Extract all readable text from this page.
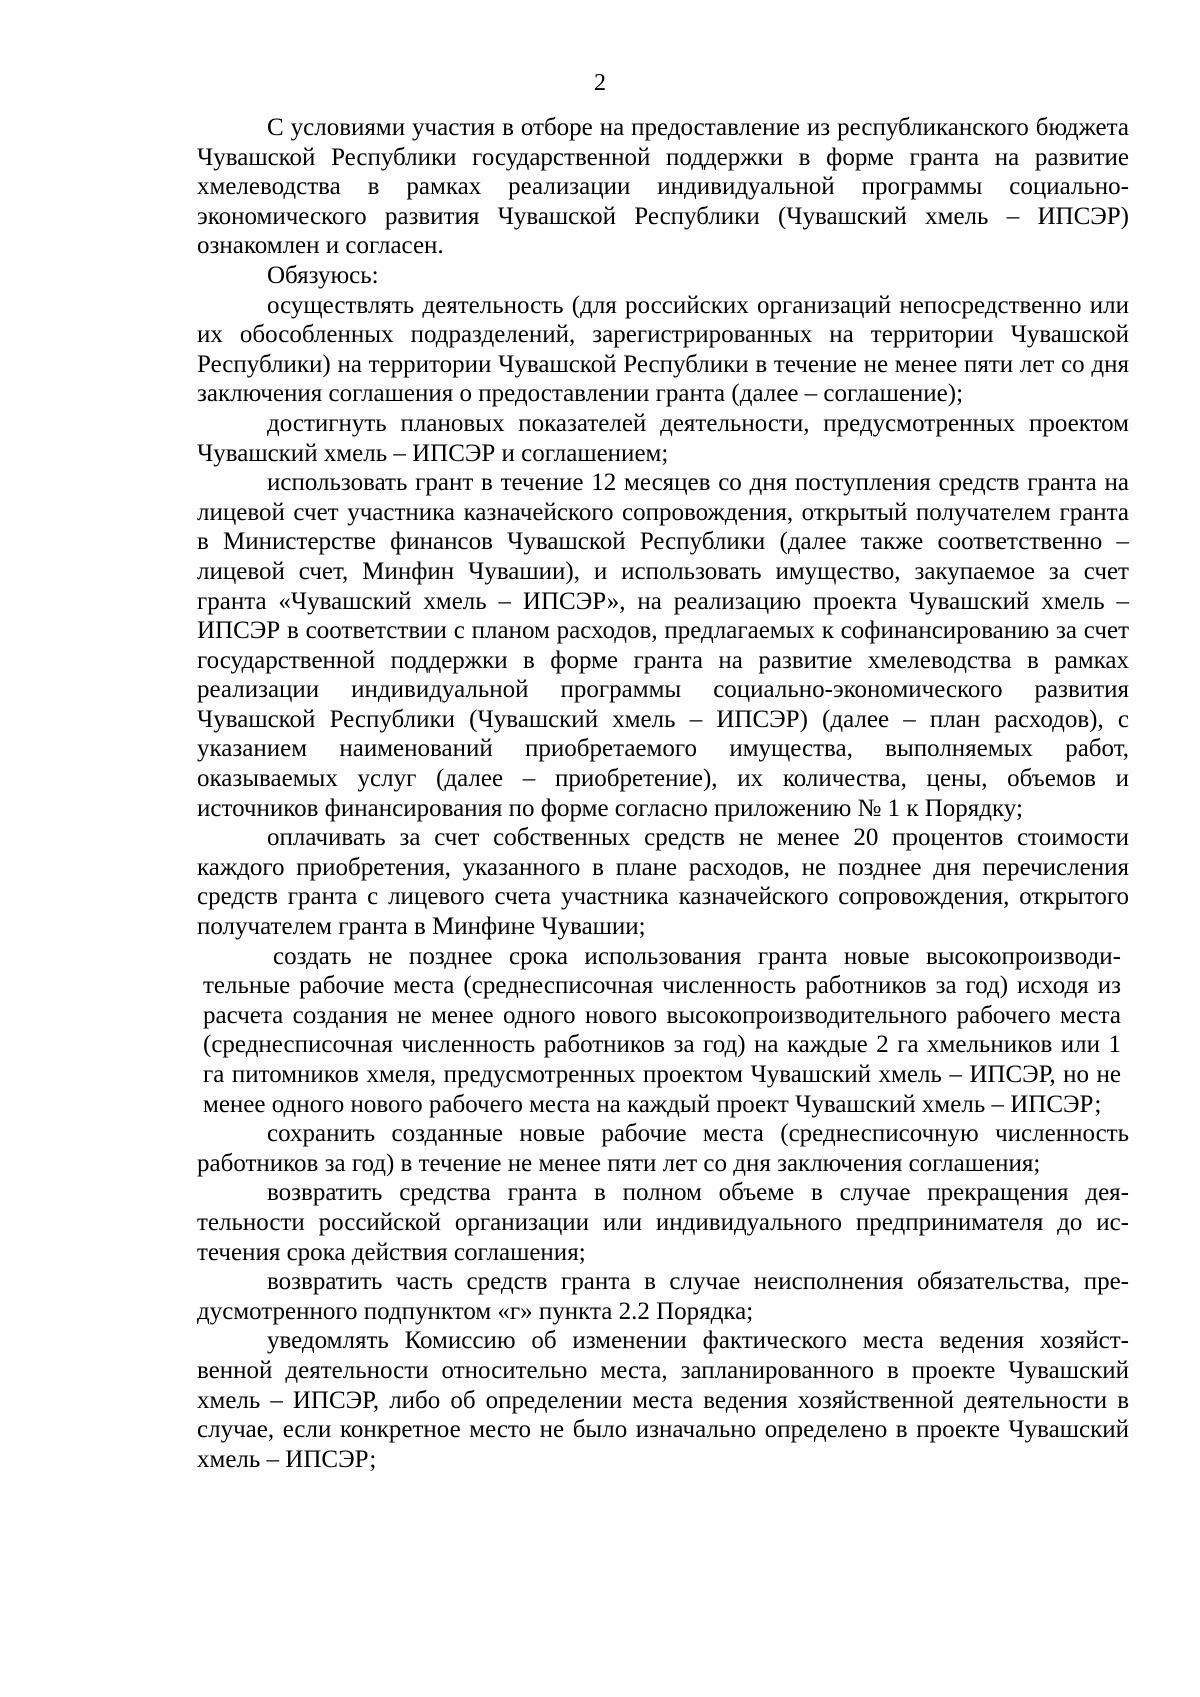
2

С условиями участия в отборе на предоставление из республиканского бюджета Чувашской Республики государственной поддержки в форме гранта на развитие хмелеводства в рамках реализации индивидуальной программы социально-экономического развития Чувашской Республики (Чувашский хмель – ИПСЭР) ознакомлен и согласен.

Обязуюсь:

осуществлять деятельность (для российских организаций непосредственно или их обособленных подразделений, зарегистрированных на территории Чувашской Республики) на территории Чувашской Республики в течение не менее пяти лет со дня заключения соглашения о предоставлении гранта (далее – соглашение);

достигнуть плановых показателей деятельности, предусмотренных проектом Чувашский хмель – ИПСЭР и соглашением;

использовать грант в течение 12 месяцев со дня поступления средств гранта на лицевой счет участника казначейского сопровождения, открытый получателем гранта в Министерстве финансов Чувашской Республики (далее также соответственно – лицевой счет, Минфин Чувашии), и использовать имущество, закупаемое за счет гранта «Чувашский хмель – ИПСЭР», на реализацию проекта Чувашский хмель – ИПСЭР в соответствии с планом расходов, предлагаемых к софинансированию за счет государственной поддержки в форме гранта на развитие хмелеводства в рамках реализации индивидуальной программы социально-экономического развития Чувашской Республики (Чувашский хмель – ИПСЭР) (далее – план расходов), с указанием наименований приобретаемого имущества, выполняемых работ, оказываемых услуг (далее – приобретение), их количества, цены, объемов и источников финансирования по форме согласно приложению № 1 к Порядку;

оплачивать за счет собственных средств не менее 20 процентов стоимости каждого приобретения, указанного в плане расходов, не позднее дня перечисления средств гранта с лицевого счета участника казначейского сопровождения, открытого получателем гранта в Минфине Чувашии;

создать не позднее срока использования гранта новые высокопроизводительные рабочие места (среднесписочная численность работников за год) исходя из расчета создания не менее одного нового высокопроизводительного рабочего места (среднесписочная численность работников за год) на каждые 2 га хмельников или 1 га питомников хмеля, предусмотренных проектом Чувашский хмель – ИПСЭР, но не менее одного нового рабочего места на каждый проект Чувашский хмель – ИПСЭР;

сохранить созданные новые рабочие места (среднесписочную численность работников за год) в течение не менее пяти лет со дня заключения соглашения;

возвратить средства гранта в полном объеме в случае прекращения деятельности российской организации или индивидуального предпринимателя до истечения срока действия соглашения;

возвратить часть средств гранта в случае неисполнения обязательства, предусмотренного подпунктом «г» пункта 2.2 Порядка;

уведомлять Комиссию об изменении фактического места ведения хозяйственной деятельности относительно места, запланированного в проекте Чувашский хмель – ИПСЭР, либо об определении места ведения хозяйственной деятельности в случае, если конкретное место не было изначально определено в проекте Чувашский хмель – ИПСЭР;
